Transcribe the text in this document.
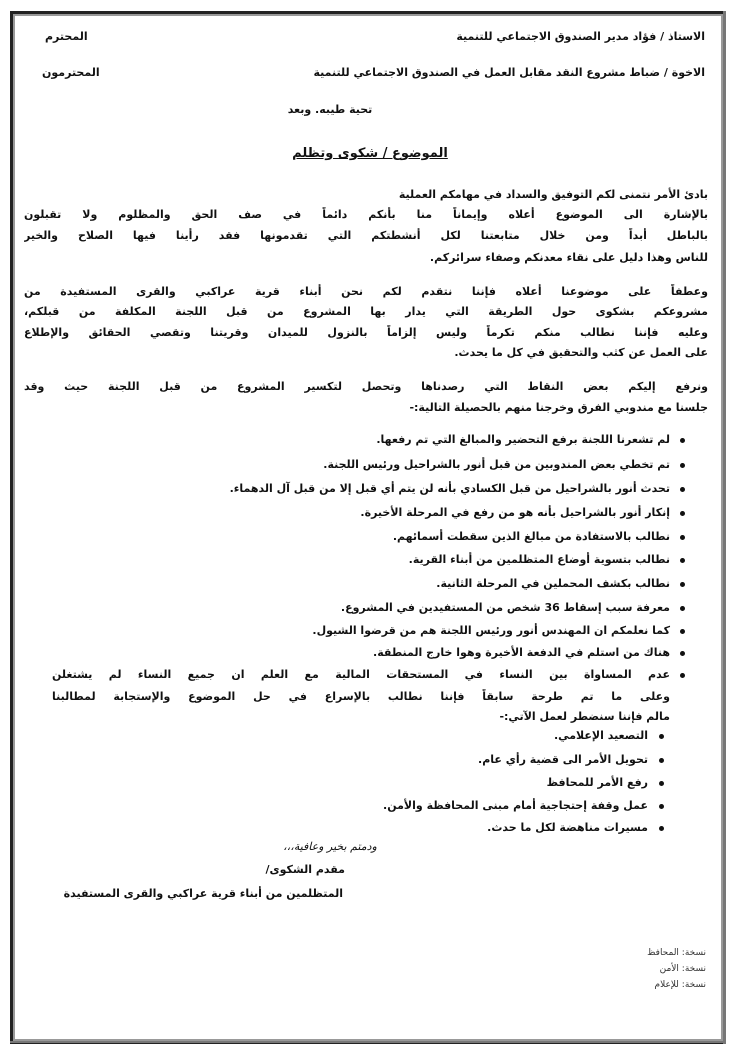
الاستاذ / فؤاد مدير الصندوق الاجتماعي للتنمية
المحترم
الاخوة / ضباط مشروع النقد مقابل العمل في الصندوق الاجتماعي للتنمية
المحترمون
تحية طيبه. وبعد
الموضوع / شكوى وتظلم
بادئ الأمر نتمنى لكم التوفيق والسداد في مهامكم العملية
بالإشارة الى الموضوع أعلاه وإيماناً منا بأنكم دائماً في صف الحق والمظلوم ولا تقبلون
بالباطل أبداً ومن خلال متابعتنا لكل أنشطتكم التي تقدمونها فقد رأينا فيها الصلاح والخير
للناس وهذا دليل على نقاء معدنكم وصفاء سرائركم.
وعطفاً على موضوعنا أعلاه فإننا نتقدم لكم نحن أبناء قرية عراكبي والقرى المستفيدة من
مشروعكم بشكوى حول الطريقة التي يدار بها المشروع من قبل اللجنة المكلفة من قبلكم،
وعليه فإننا نطالب منكم تكرماً وليس إلزاماً بالنزول للميدان وقريتنا وتقصي الحقائق والإطلاع
على العمل عن كثب والتحقيق في كل ما يحدث.
ونرفع إليكم بعض النقاط التي رصدناها وتحصل لتكسير المشروع من قبل اللجنة حيث وقد
جلسنا مع مندوبي الفرق وخرجنا منهم بالحصيلة التالية:-
لم تشعرنا اللجنة برفع التحضير والمبالغ التي تم رفعها.
تم تخطي بعض المندوبين من قبل أنور بالشراحيل ورئيس اللجنة.
تحدث أنور بالشراحيل من قبل الكسادي بأنه لن يتم أي قبل إلا من قبل آل الدهماء.
إنكار أنور بالشراحيل بأنه هو من رفع في المرحلة الأخيرة.
نطالب بالاستفادة من مبالغ الذين سقطت أسمائهم.
نطالب بتسوية أوضاع المتظلمين من أبناء القرية.
نطالب بكشف المحملين في المرحلة الثانية.
معرفة سبب إسقاط 36 شخص من المستفيدين في المشروع.
كما نعلمكم ان المهندس أنور ورئيس اللجنة هم من قرضوا الشيول.
هناك من استلم في الدفعة الأخيرة وهوا خارج المنطقة.
عدم المساواة بين النساء في المستحقات المالية مع العلم ان جميع النساء لم يشتغلن
وعلى ما تم طرحة سابقاً فإننا نطالب بالإسراع في حل الموضوع والإستجابة لمطالبنا
مالم فإننا سنضطر لعمل الآتي:-
التصعيد الإعلامي.
تحويل الأمر الى قضية رأي عام.
رفع الأمر للمحافظ
عمل وقفة إحتجاجية أمام مبنى المحافظة والأمن.
مسيرات مناهضة لكل ما حدث.
ودمتم بخير وعافية،،،
مقدم الشكوى/
المتظلمين من أبناء قرية عراكبي والقرى المستفيدة
نسخة: المحافظ
نسخة: الأمن
نسخة: للإعلام
